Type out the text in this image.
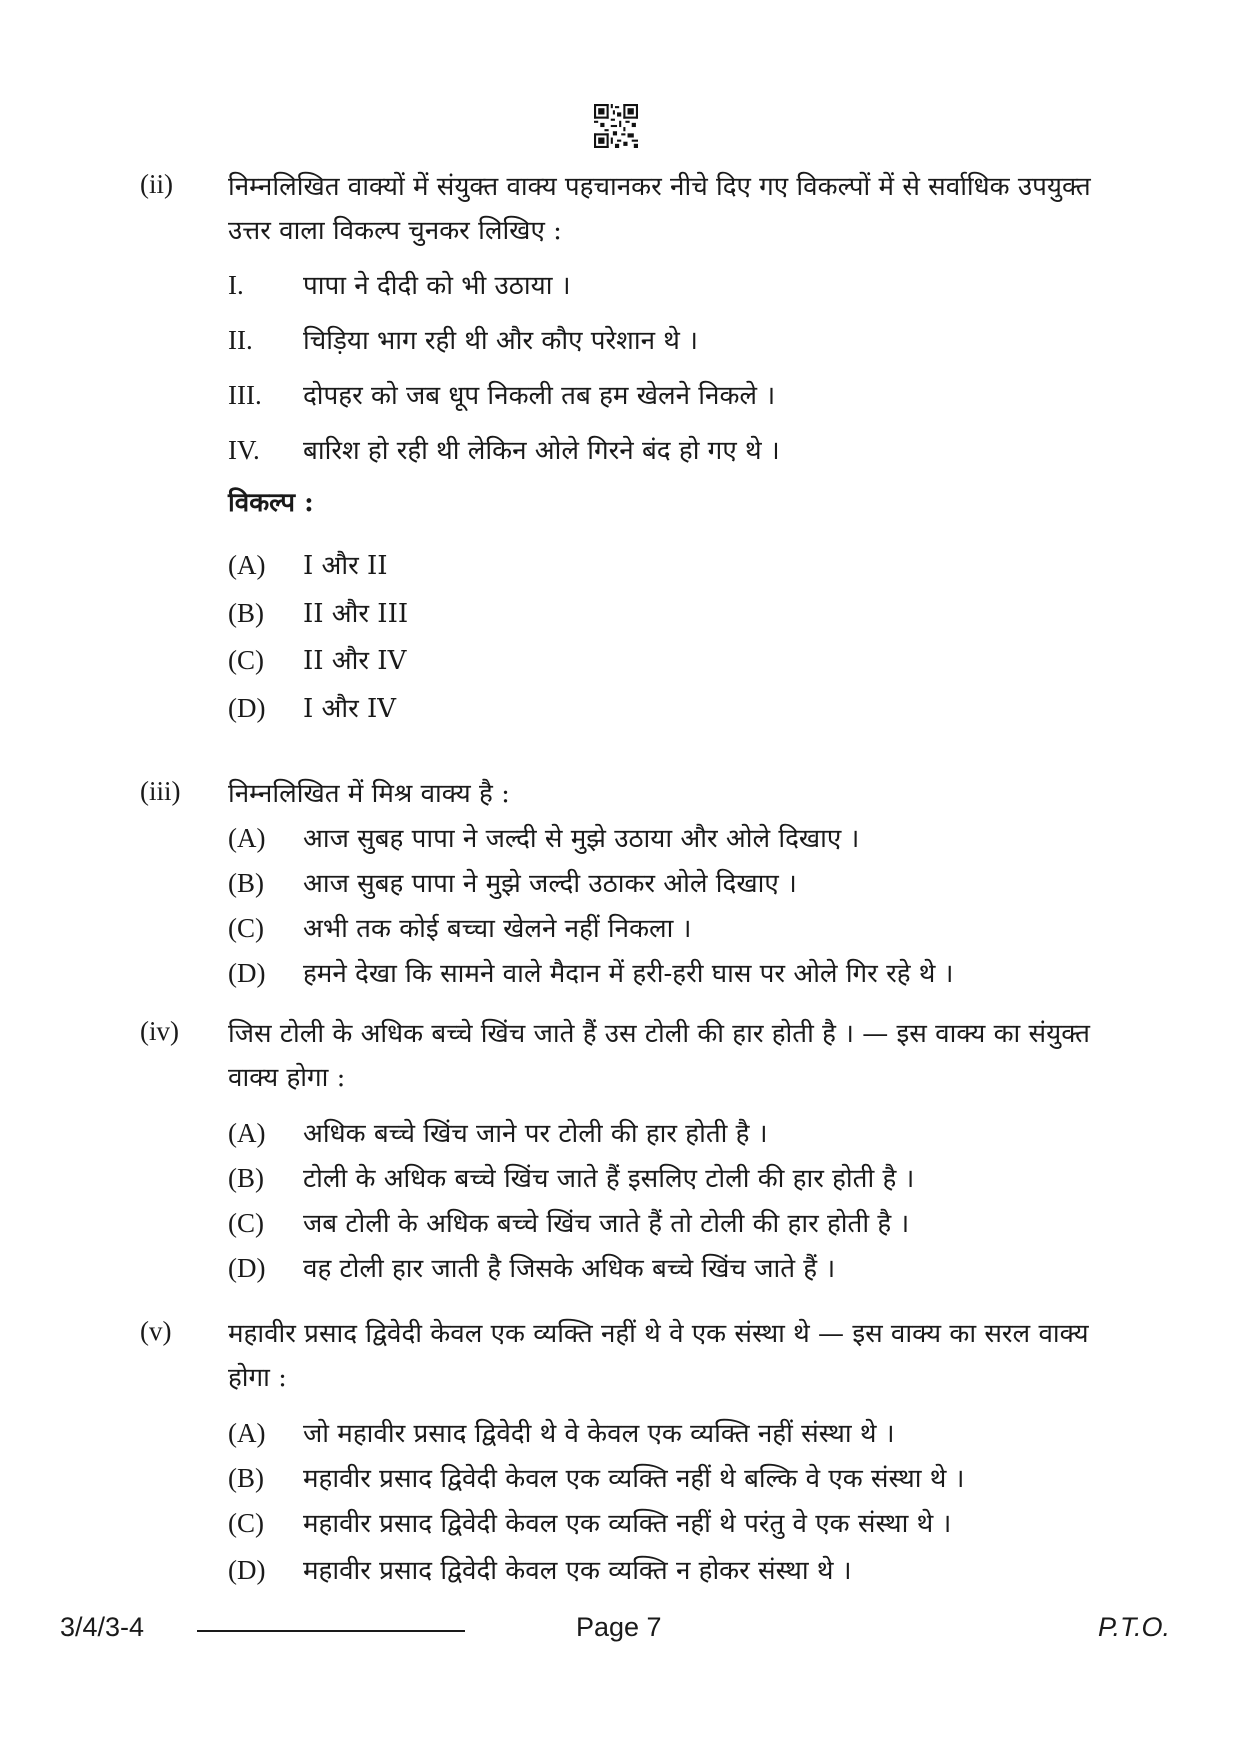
(ii) निम्नलिखित वाक्यों में संयुक्त वाक्य पहचानकर नीचे दिए गए विकल्पों में से सर्वाधिक उपयुक्त उत्तर वाला विकल्प चुनकर लिखिए :
I. पापा ने दीदी को भी उठाया ।
II. चिड़िया भाग रही थी और कौए परेशान थे ।
III. दोपहर को जब धूप निकली तब हम खेलने निकले ।
IV. बारिश हो रही थी लेकिन ओले गिरने बंद हो गए थे ।
विकल्प :
(A) I और II
(B) II और III
(C) II और IV
(D) I और IV
(iii) निम्नलिखित में मिश्र वाक्य है :
(A) आज सुबह पापा ने जल्दी से मुझे उठाया और ओले दिखाए ।
(B) आज सुबह पापा ने मुझे जल्दी उठाकर ओले दिखाए ।
(C) अभी तक कोई बच्चा खेलने नहीं निकला ।
(D) हमने देखा कि सामने वाले मैदान में हरी-हरी घास पर ओले गिर रहे थे ।
(iv) जिस टोली के अधिक बच्चे खिंच जाते हैं उस टोली की हार होती है । — इस वाक्य का संयुक्त वाक्य होगा :
(A) अधिक बच्चे खिंच जाने पर टोली की हार होती है ।
(B) टोली के अधिक बच्चे खिंच जाते हैं इसलिए टोली की हार होती है ।
(C) जब टोली के अधिक बच्चे खिंच जाते हैं तो टोली की हार होती है ।
(D) वह टोली हार जाती है जिसके अधिक बच्चे खिंच जाते हैं ।
(v) महावीर प्रसाद द्विवेदी केवल एक व्यक्ति नहीं थे वे एक संस्था थे — इस वाक्य का सरल वाक्य होगा :
(A) जो महावीर प्रसाद द्विवेदी थे वे केवल एक व्यक्ति नहीं संस्था थे ।
(B) महावीर प्रसाद द्विवेदी केवल एक व्यक्ति नहीं थे बल्कि वे एक संस्था थे ।
(C) महावीर प्रसाद द्विवेदी केवल एक व्यक्ति नहीं थे परंतु वे एक संस्था थे ।
(D) महावीर प्रसाद द्विवेदी केवल एक व्यक्ति न होकर संस्था थे ।
3/4/3-4	Page 7	P.T.O.
